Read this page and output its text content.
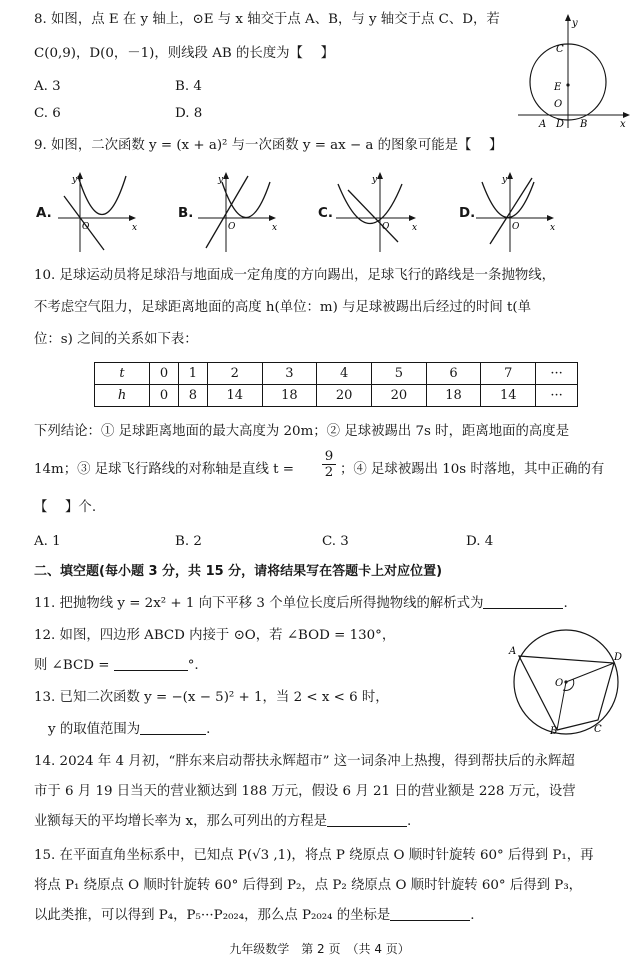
8. 如图，点 E 在 y 轴上，⊙E 与 x 轴交于点 A、B，与 y 轴交于点 C、D，若
C(0,9)，D(0，－1)，则线段 AB 的长度为【　 】
A. 3	B. 4
C. 6	D. 8
y
C
E
O
A D B	x
9. 如图，二次函数 y = (x + a)² 与一次函数 y = ax − a 的图象可能是【　 】
A.	B.	C.	D.
y
x
O
y
x
O
y
x
O
y
x
O
10. 足球运动员将足球沿与地面成一定角度的方向踢出，足球飞行的路线是一条抛物线，
不考虑空气阻力，足球距离地面的高度 h(单位：m) 与足球被踢出后经过的时间 t(单
位：s) 之间的关系如下表：
t	0	1	2	3	4	5	6	7	···
h	0	8	14	18	20	20	18	14	···
下列结论：① 足球距离地面的最大高度为 20m；② 足球被踢出 7s 时，距离地面的高度是
14m；③ 足球飞行路线的对称轴是直线 $t = \frac{9}{2}$ ；④ 足球被踢出 10s 时落地，其中正确的有
【　 】个.
A. 1	B. 2	C. 3	D. 4
二、填空题(每小题 3 分，共 15 分，请将结果写在答题卡上对应位置)
11. 把抛物线 y = 2x² + 1 向下平移 3 个单位长度后所得抛物线的解析式为	.
12. 如图，四边形 ABCD 内接于 ⊙O，若 ∠BOD = 130°，
则 ∠BCD =	°.
A
D
O
B	C
13. 已知二次函数 y = −(x − 5)² + 1，当 2 < x < 6 时，
y 的取值范围为	.
14. 2024 年 4 月初，“胖东来启动帮扶永辉超市” 这一词条冲上热搜，得到帮扶后的永辉超
市于 6 月 19 日当天的营业额达到 188 万元，假设 6 月 21 日的营业额是 228 万元，设营
业额每天的平均增长率为 x，那么可列出的方程是	.
15. 在平面直角坐标系中，已知点 P(√3 ,1)，将点 P 绕原点 O 顺时针旋转 60° 后得到 P₁，再
将点 P₁ 绕原点 O 顺时针旋转 60° 后得到 P₂，点 P₂ 绕原点 O 顺时针旋转 60° 后得到 P₃，
以此类推，可以得到 P₄，P₅···P₂₀₂₄，那么点 P₂₀₂₄ 的坐标是	.
九年级数学　第 2 页　（共 4 页）
